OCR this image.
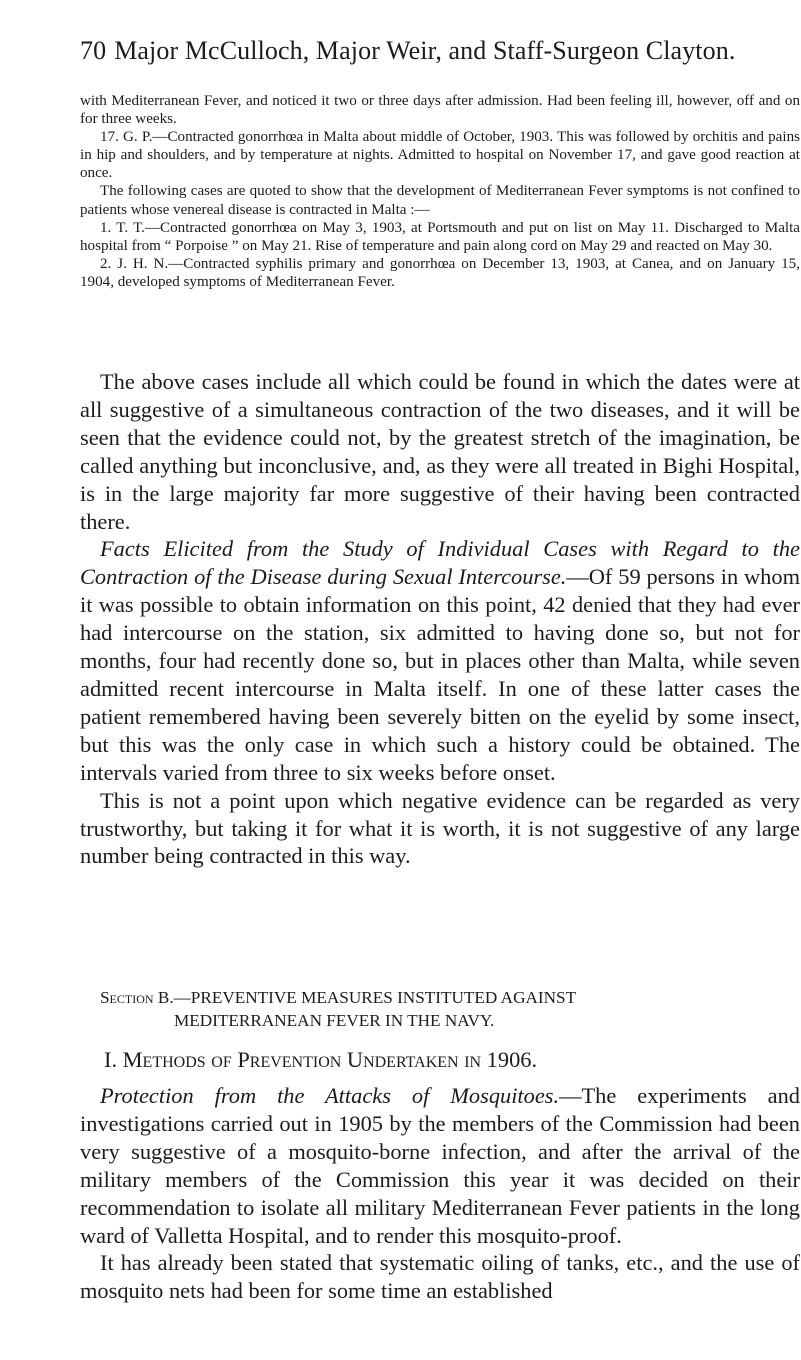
70 Major McCulloch, Major Weir, and Staff-Surgeon Clayton.

with Mediterranean Fever, and noticed it two or three days after admission. Had been feeling ill, however, off and on for three weeks.

17. G. P.—Contracted gonorrhœa in Malta about middle of October, 1903. This was followed by orchitis and pains in hip and shoulders, and by temperature at nights. Admitted to hospital on November 17, and gave good reaction at once.

The following cases are quoted to show that the development of Mediterranean Fever symptoms is not confined to patients whose venereal disease is contracted in Malta :—

1. T. T.—Contracted gonorrhœa on May 3, 1903, at Portsmouth and put on list on May 11. Discharged to Malta hospital from “ Porpoise ” on May 21. Rise of temperature and pain along cord on May 29 and reacted on May 30.

2. J. H. N.—Contracted syphilis primary and gonorrhœa on December 13, 1903, at Canea, and on January 15, 1904, developed symptoms of Mediterranean Fever.

The above cases include all which could be found in which the dates were at all suggestive of a simultaneous contraction of the two diseases, and it will be seen that the evidence could not, by the greatest stretch of the imagination, be called anything but inconclusive, and, as they were all treated in Bighi Hospital, is in the large majority far more suggestive of their having been contracted there.

Facts Elicited from the Study of Individual Cases with Regard to the Contraction of the Disease during Sexual Intercourse.—Of 59 persons in whom it was possible to obtain information on this point, 42 denied that they had ever had intercourse on the station, six admitted to having done so, but not for months, four had recently done so, but in places other than Malta, while seven admitted recent intercourse in Malta itself. In one of these latter cases the patient remembered having been severely bitten on the eyelid by some insect, but this was the only case in which such a history could be obtained. The intervals varied from three to six weeks before onset.

This is not a point upon which negative evidence can be regarded as very trustworthy, but taking it for what it is worth, it is not suggestive of any large number being contracted in this way.

Section B.—PREVENTIVE MEASURES INSTITUTED AGAINST

MEDITERRANEAN FEVER IN THE NAVY.

I. Methods of Prevention Undertaken in 1906.

Protection from the Attacks of Mosquitoes.—The experiments and investigations carried out in 1905 by the members of the Commission had been very suggestive of a mosquito-borne infection, and after the arrival of the military members of the Commission this year it was decided on their recommendation to isolate all military Mediterranean Fever patients in the long ward of Valletta Hospital, and to render this mosquito-proof.

It has already been stated that systematic oiling of tanks, etc., and the use of mosquito nets had been for some time an established
